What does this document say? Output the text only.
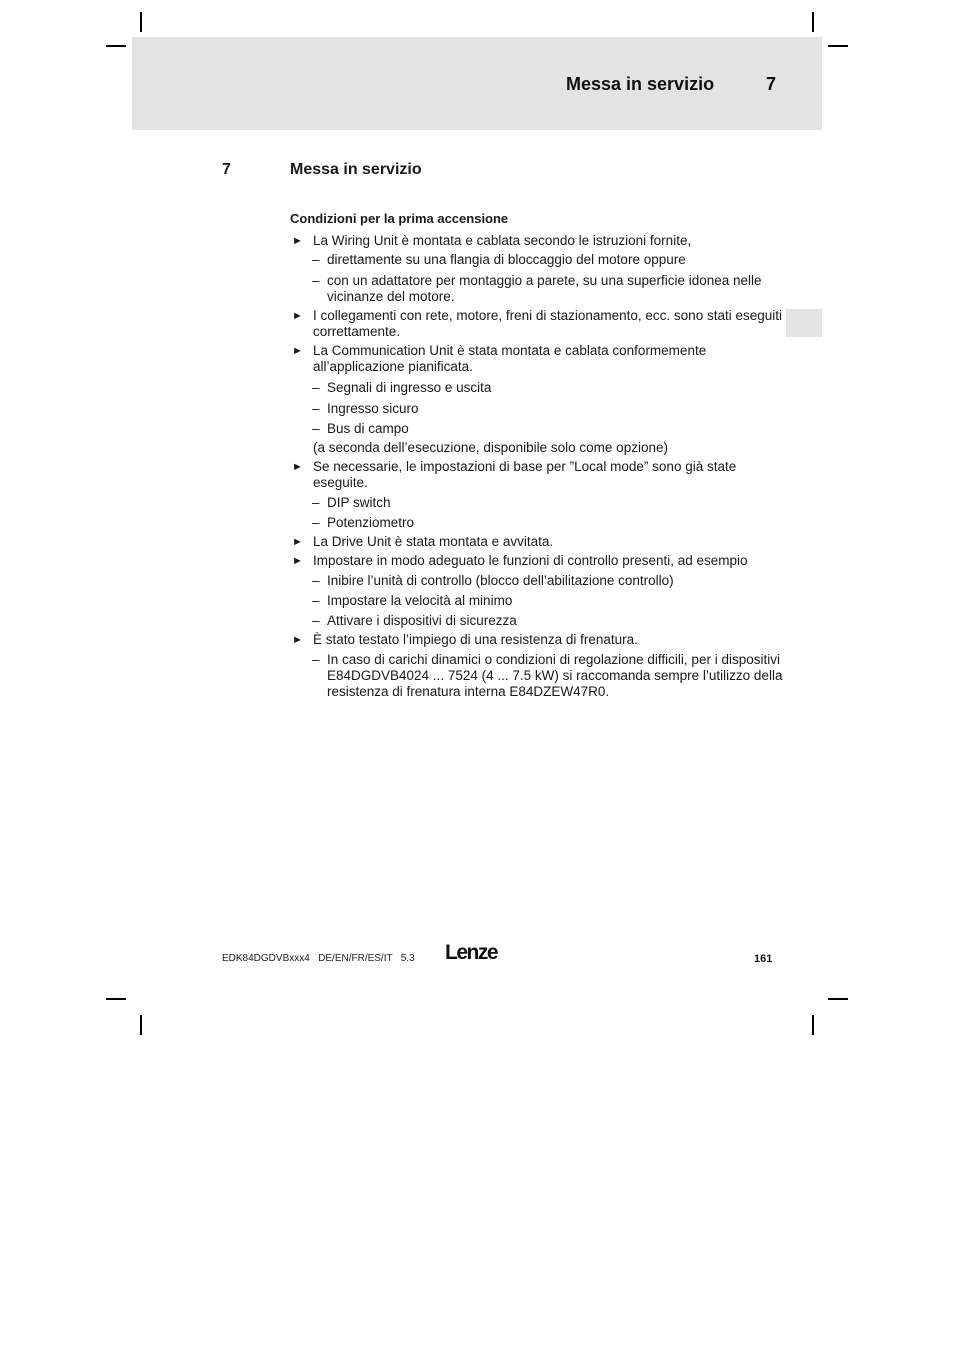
Messa in servizio	7
7	Messa in servizio
Condizioni per la prima accensione
► La Wiring Unit è montata e cablata secondo le istruzioni fornite,
– direttamente su una flangia di bloccaggio del motore oppure
– con un adattatore per montaggio a parete, su una superficie idonea nelle vicinanze del motore.
► I collegamenti con rete, motore, freni di stazionamento, ecc. sono stati eseguiti correttamente.
► La Communication Unit è stata montata e cablata conformemente all’applicazione pianificata.
– Segnali di ingresso e uscita
– Ingresso sicuro
– Bus di campo
(a seconda dell’esecuzione, disponibile solo come opzione)
► Se necessarie, le impostazioni di base per ”Local mode” sono già state eseguite.
– DIP switch
– Potenziometro
► La Drive Unit è stata montata e avvitata.
► Impostare in modo adeguato le funzioni di controllo presenti, ad esempio
– Inibire l’unità di controllo (blocco dell’abilitazione controllo)
– Impostare la velocità al minimo
– Attivare i dispositivi di sicurezza
► È stato testato l’impiego di una resistenza di frenatura.
– In caso di carichi dinamici o condizioni di regolazione difficili, per i dispositivi E84DGDVB4024 ... 7524 (4 ... 7.5 kW) si raccomanda sempre l’utilizzo della resistenza di frenatura interna E84DZEW47R0.
EDK84DGDVBxxx4   DE/EN/FR/ES/IT   5.3 Lenze	161
